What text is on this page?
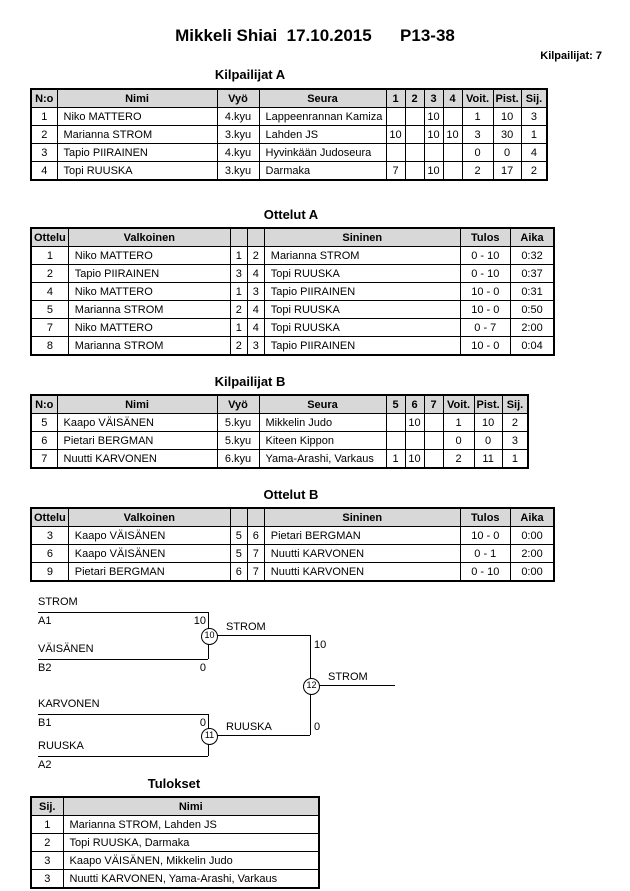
Mikkeli Shiai  17.10.2015      P13-38
Kilpailijat: 7
Kilpailijat A
N:o	Nimi	Vyö	Seura	1	2	3	4	Voit.	Pist.	Sij.
1	Niko MATTERO	4.kyu	Lappeenrannan Kamiza			10		1	10	3
2	Marianna STROM	3.kyu	Lahden JS	10		10	10	3	30	1
3	Tapio PIIRAINEN	4.kyu	Hyvinkään Judoseura					0	0	4
4	Topi RUUSKA	3.kyu	Darmaka	7		10		2	17	2
Ottelut A
Ottelu	Valkoinen			Sininen	Tulos	Aika
1	Niko MATTERO	1	2	Marianna STROM	0 - 10	0:32
2	Tapio PIIRAINEN	3	4	Topi RUUSKA	0 - 10	0:37
4	Niko MATTERO	1	3	Tapio PIIRAINEN	10 - 0	0:31
5	Marianna STROM	2	4	Topi RUUSKA	10 - 0	0:50
7	Niko MATTERO	1	4	Topi RUUSKA	0 - 7	2:00
8	Marianna STROM	2	3	Tapio PIIRAINEN	10 - 0	0:04
Kilpailijat B
N:o	Nimi	Vyö	Seura	5	6	7	Voit.	Pist.	Sij.
5	Kaapo VÄISÄNEN	5.kyu	Mikkelin Judo		10		1	10	2
6	Pietari BERGMAN	5.kyu	Kiteen Kippon				0	0	3
7	Nuutti KARVONEN	6.kyu	Yama-Arashi, Varkaus	1	10		2	11	1
Ottelut B
Ottelu	Valkoinen			Sininen	Tulos	Aika
3	Kaapo VÄISÄNEN	5	6	Pietari BERGMAN	10 - 0	0:00
6	Kaapo VÄISÄNEN	5	7	Nuutti KARVONEN	0 - 1	2:00
9	Pietari BERGMAN	6	7	Nuutti KARVONEN	0 - 10	0:00
STROM
A1	10
VÄISÄNEN
B2	0
STROM
10
KARVONEN
B1	0
RUUSKA
A2
RUUSKA
11
10
0
STROM
12
Tulokset
Sij.	Nimi
1	Marianna STROM, Lahden JS
2	Topi RUUSKA, Darmaka
3	Kaapo VÄISÄNEN, Mikkelin Judo
3	Nuutti KARVONEN, Yama-Arashi, Varkaus
